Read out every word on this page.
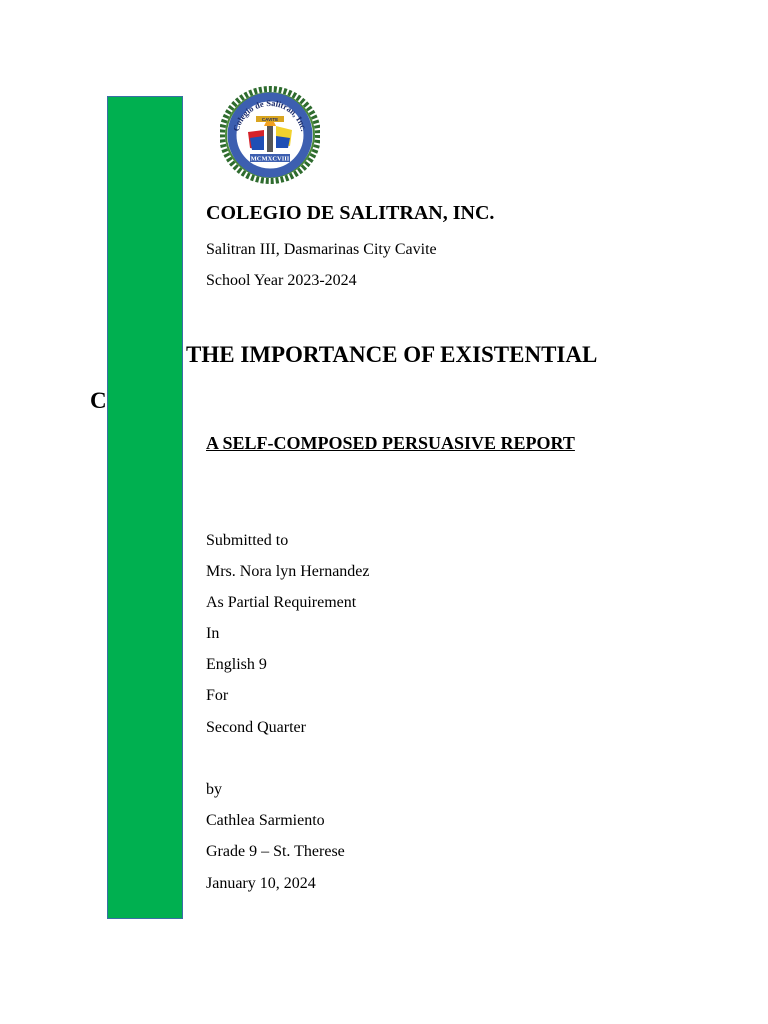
C
Colegio de Salitran, Inc.
CAVITE
MCMXCVIII
COLEGIO DE SALITRAN, INC.
Salitran III, Dasmarinas City Cavite
School Year 2023-2024
THE IMPORTANCE OF EXISTENTIAL
A SELF-COMPOSED PERSUASIVE REPORT
Submitted to
Mrs. Nora lyn Hernandez
As Partial Requirement
In
English 9
For
Second Quarter
by
Cathlea Sarmiento
Grade 9 – St. Therese
January 10, 2024
